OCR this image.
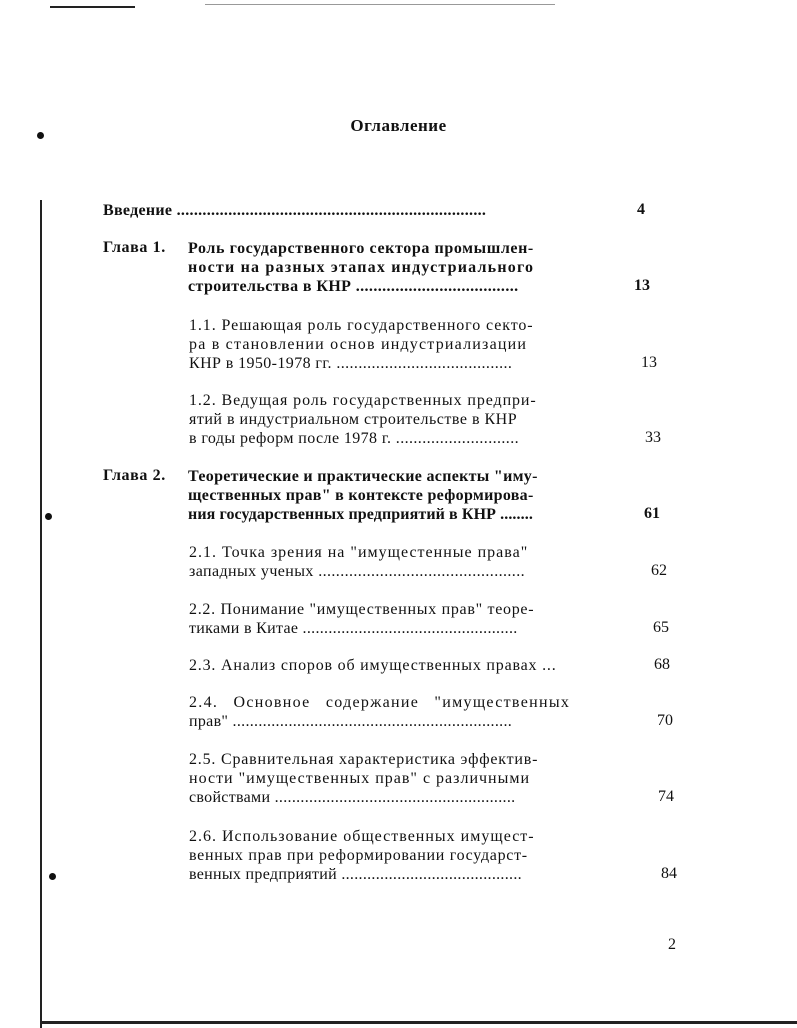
Оглавление
Введение ........................................................................	4
Глава 1. Роль государственного сектора промышлен-
ности на разных этапах индустриального
строительства в КНР .....................................	13
1.1. Решающая роль государственного секто-
ра в становлении основ индустриализации
КНР в 1950-1978 гг. ........................................	13
1.2. Ведущая роль государственных предпри-
ятий в индустриальном строительстве в КНР
в годы реформ после 1978 г. ............................	33
Глава 2. Теоретические и практические аспекты "иму-
щественных прав" в контексте реформирова-
ния государственных предприятий в КНР ........	61
2.1. Точка зрения на "имущестенные права"
западных ученых ...............................................	62
2.2. Понимание "имущественных прав" теоре-
тиками в Китае ..................................................	65
2.3. Анализ споров об имущественных правах ...	68
2.4. Основное содержание "имущественных
прав" .................................................................	70
2.5. Сравнительная характеристика эффектив-
ности "имущественных прав" с различными
свойствами ........................................................	74
2.6. Использование общественных имущест-
венных прав при реформировании государст-
венных предприятий ..........................................	84
2
